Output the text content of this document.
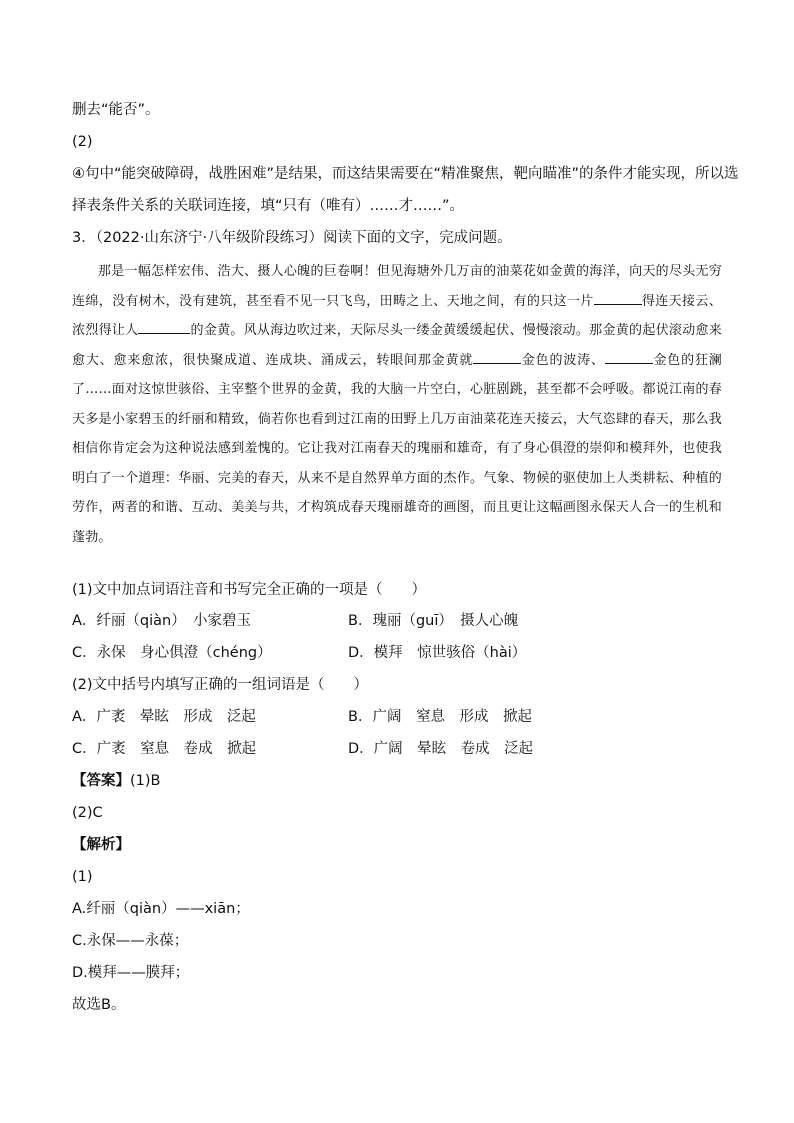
删去“能否”。
(2)
④句中“能突破障碍，战胜困难”是结果，而这结果需要在“精准聚焦，靶向瞄准”的条件才能实现，所以选
择表条件关系的关联词连接，填“只有（唯有）……才……”。
3．（2022·山东济宁·八年级阶段练习）阅读下面的文字，完成问题。

那是一幅怎样宏伟、浩大、摄人心魄的巨卷啊！但见海塘外几万亩的油菜花如金黄的海洋，向天的尽头无穷连绵，没有树木，没有建筑，甚至看不见一只飞鸟，田畴之上、天地之间，有的只这一片	得连天接云、浓烈得让人	的金黄。风从海边吹过来，天际尽头一缕金黄缓缓起伏、慢慢滚动。那金黄的起伏滚动愈来愈大、愈来愈浓，很快聚成道、连成块、涌成云，转眼间那金黄就	金色的波涛、	金色的狂澜了……面对这惊世骇俗、主宰整个世界的金黄，我的大脑一片空白，心脏剧跳，甚至都不会呼吸。都说江南的春天多是小家碧玉的纤丽和精致，倘若你也看到过江南的田野上几万亩油菜花连天接云，大气恣肆的春天，那么我相信你肯定会为这种说法感到羞愧的。它让我对江南春天的瑰丽和雄奇，有了身心俱澄的崇仰和模拜外，也使我明白了一个道理：华丽、完美的春天，从来不是自然界单方面的杰作。气象、物候的驱使加上人类耕耘、种植的劳作，两者的和谐、互动、美美与共，才构筑成春天瑰丽雄奇的画图，而且更让这幅画图永保天人合一的生机和蓬勃。

(1)文中加点词语注音和书写完全正确的一项是（　　）
A．纤丽（qiàn）　小家碧玉	B．瑰丽（guī）　摄人心魄
C．永保　身心俱澄（chéng）	D．模拜　惊世骇俗（hài）
(2)文中括号内填写正确的一组词语是（　　）
A．广袤　晕眩　形成　泛起	B．广阔　窒息　形成　掀起
C．广袤　窒息　卷成　掀起	D．广阔　晕眩　卷成　泛起
【答案】(1)B
(2)C
【解析】
(1)
A.纤丽（qiàn）——xiān；
C.永保——永葆；
D.模拜——膜拜；
故选B。
